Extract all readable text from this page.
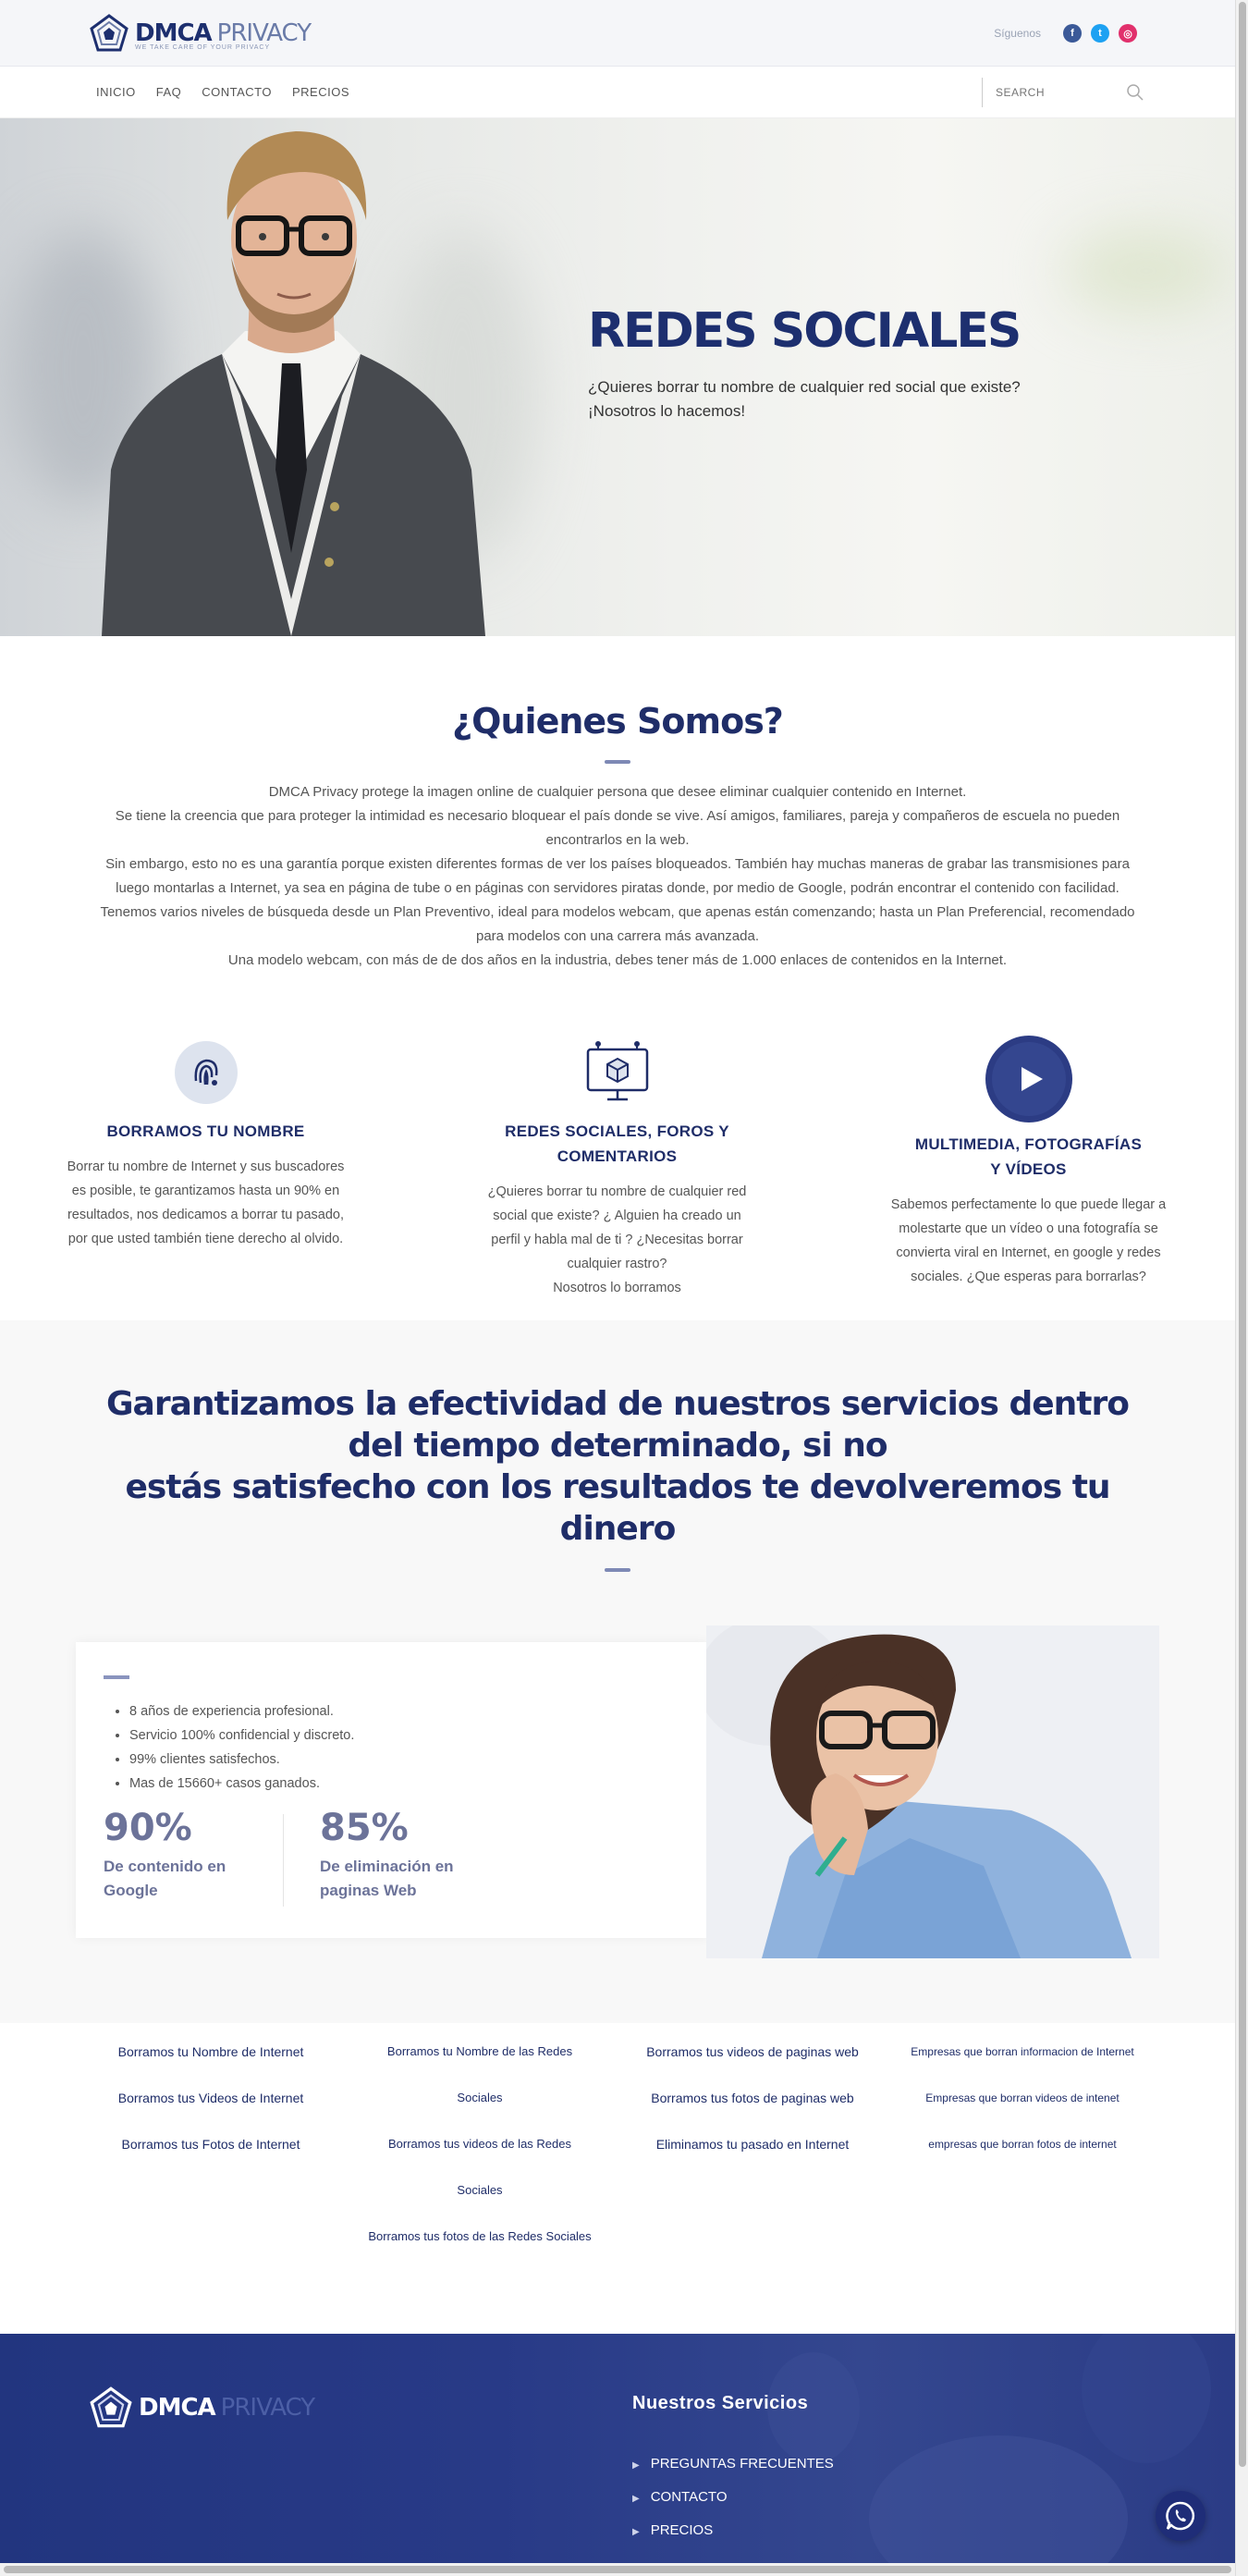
DMCA PRIVACY
WE TAKE CARE OF YOUR PRIVACY
Síguenos	f	t	◎
INICIO FAQ CONTACTO PRECIOS
SEARCH
REDES SOCIALES

¿Quieres borrar tu nombre de cualquier red social que existe?
¡Nosotros lo hacemos!

¿Quienes Somos?

DMCA Privacy protege la imagen online de cualquier persona que desee eliminar cualquier contenido en Internet.

Se tiene la creencia que para proteger la intimidad es necesario bloquear el país donde se vive. Así amigos, familiares, pareja y compañeros de escuela no pueden encontrarlos en la web.

Sin embargo, esto no es una garantía porque existen diferentes formas de ver los países bloqueados. También hay muchas maneras de grabar las transmisiones para luego montarlas a Internet, ya sea en página de tube o en páginas con servidores piratas donde, por medio de Google, podrán encontrar el contenido con facilidad.

Tenemos varios niveles de búsqueda desde un Plan Preventivo, ideal para modelos webcam, que apenas están comenzando; hasta un Plan Preferencial, recomendado para modelos con una carrera más avanzada.

Una modelo webcam, con más de de dos años en la industria, debes tener más de 1.000 enlaces de contenidos en la Internet.

BORRAMOS TU NOMBRE

Borrar tu nombre de Internet y sus buscadores es posible, te garantizamos hasta un 90% en resultados, nos dedicamos a borrar tu pasado, por que usted también tiene derecho al olvido.

REDES SOCIALES, FOROS Y COMENTARIOS

¿Quieres borrar tu nombre de cualquier red social que existe? ¿ Alguien ha creado un perfil y habla mal de ti ? ¿Necesitas borrar cualquier rastro?

Nosotros lo borramos

MULTIMEDIA, FOTOGRAFÍAS Y VÍDEOS

Sabemos perfectamente lo que puede llegar a molestarte que un vídeo o una fotografía se convierta viral en Internet, en google y redes sociales. ¿Que esperas para borrarlas?

Garantizamos la efectividad de nuestros servicios dentro del tiempo determinado, si no
estás satisfecho con los resultados te devolveremos tu dinero
• 8 años de experiencia profesional.
• Servicio 100% confidencial y discreto.
• 99% clientes satisfechos.
• Mas de 15660+ casos ganados.
90%
De contenido en
Google
85%
De eliminación en
paginas Web
Borramos tu Nombre de Internet
Borramos tus Videos de Internet
Borramos tus Fotos de Internet
Borramos tu Nombre de las Redes Sociales
Borramos tus videos de las Redes Sociales
Borramos tus fotos de las Redes Sociales
Borramos tus videos de paginas web
Borramos tus fotos de paginas web
Eliminamos tu pasado en Internet
Empresas que borran informacion de Internet
Empresas que borran videos de intenet
empresas que borran fotos de internet
DMCA PRIVACY	Nuestros Servicios
▶ PREGUNTAS FRECUENTES
▶ CONTACTO
▶ PRECIOS
